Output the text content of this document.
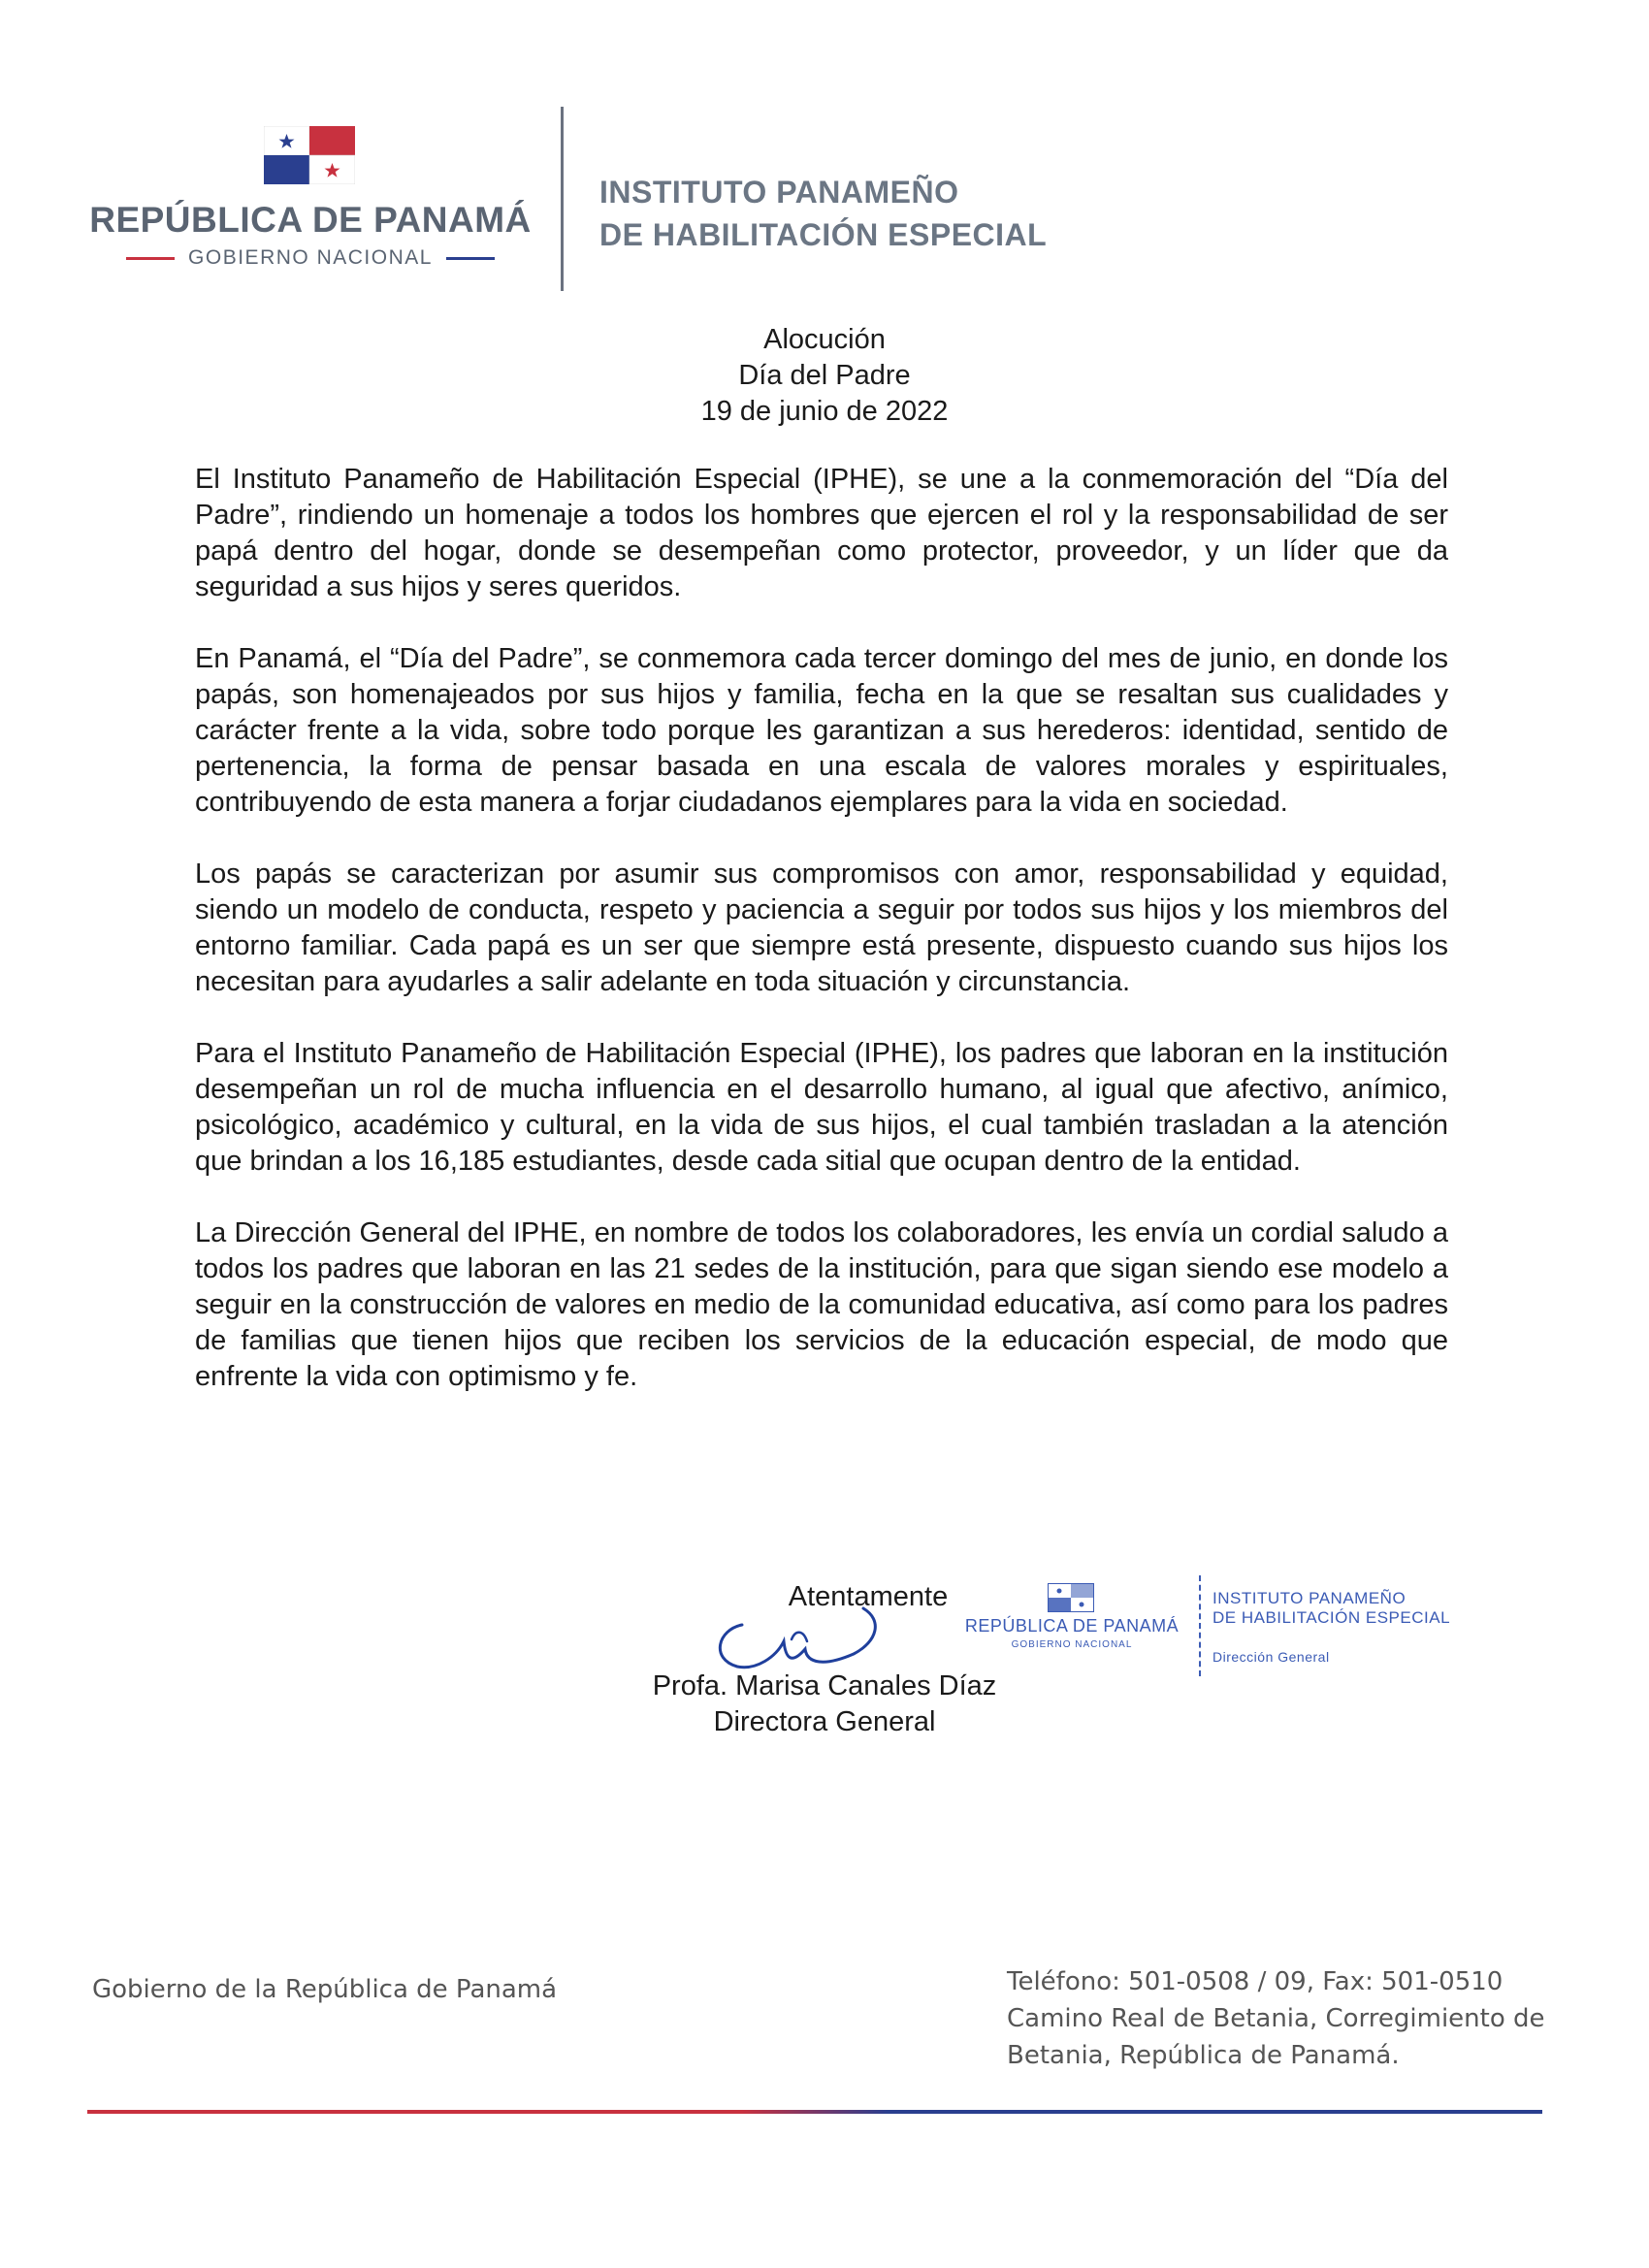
REPÚBLICA DE PANAMÁ
GOBIERNO NACIONAL
INSTITUTO PANAMEÑO
DE HABILITACIÓN ESPECIAL
Alocución
Día del Padre
19 de junio de 2022

El Instituto Panameño de Habilitación Especial (IPHE), se une a la conmemoración del “Día del Padre”, rindiendo un homenaje a todos los hombres que ejercen el rol y la responsabilidad de ser papá dentro del hogar, donde se desempeñan como protector, proveedor, y un líder que da seguridad a sus hijos y seres queridos.

En Panamá, el “Día del Padre”, se conmemora cada tercer domingo del mes de junio, en donde los papás, son homenajeados por sus hijos y familia, fecha en la que se resaltan sus cualidades y carácter frente a la vida, sobre todo porque les garantizan a sus herederos: identidad, sentido de pertenencia, la forma de pensar basada en una escala de valores morales y espirituales, contribuyendo de esta manera a forjar ciudadanos ejemplares para la vida en sociedad.

Los papás se caracterizan por asumir sus compromisos con amor, responsabilidad y equidad, siendo un modelo de conducta, respeto y paciencia a seguir por todos sus hijos y los miembros del entorno familiar. Cada papá es un ser que siempre está presente, dispuesto cuando sus hijos los necesitan para ayudarles a salir adelante en toda situación y circunstancia.

Para el Instituto Panameño de Habilitación Especial (IPHE), los padres que laboran en la institución desempeñan un rol de mucha influencia en el desarrollo humano, al igual que afectivo, anímico, psicológico, académico y cultural, en la vida de sus hijos, el cual también trasladan a la atención que brindan a los 16,185 estudiantes, desde cada sitial que ocupan dentro de la entidad.

La Dirección General del IPHE, en nombre de todos los colaboradores, les envía un cordial saludo a todos los padres que laboran en las 21 sedes de la institución, para que sigan siendo ese modelo a seguir en la construcción de valores en medio de la comunidad educativa, así como para los padres de familias que tienen hijos que reciben los servicios de la educación especial, de modo que enfrente la vida con optimismo y fe.

Atentamente
Profa. Marisa Canales Díaz
Directora General
REPÚBLICA DE PANAMÁ
GOBIERNO NACIONAL
INSTITUTO PANAMEÑO
DE HABILITACIÓN ESPECIAL
Dirección General
Gobierno de la República de Panamá	Teléfono: 501-0508 / 09, Fax: 501-0510
Camino Real de Betania, Corregimiento de
Betania, República de Panamá.
